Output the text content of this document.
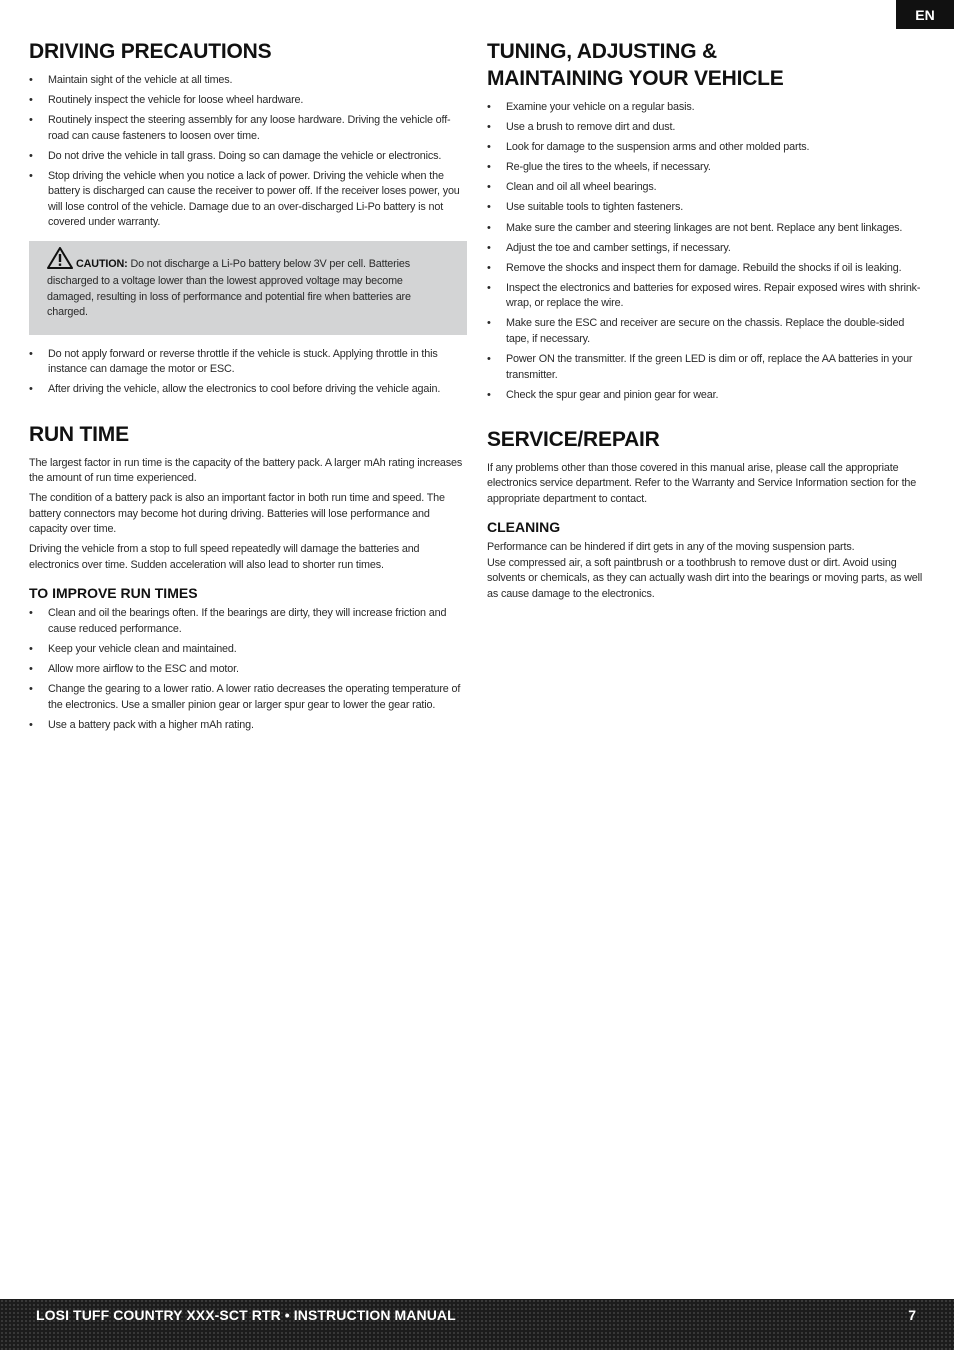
EN
DRIVING PRECAUTIONS
• Maintain sight of the vehicle at all times.
• Routinely inspect the vehicle for loose wheel hardware.
• Routinely inspect the steering assembly for any loose hardware. Driving the vehicle off-road can cause fasteners to loosen over time.
• Do not drive the vehicle in tall grass. Doing so can damage the vehicle or electronics.
• Stop driving the vehicle when you notice a lack of power. Driving the vehicle when the battery is discharged can cause the receiver to power off. If the receiver loses power, you will lose control of the vehicle. Damage due to an over-discharged Li-Po battery is not covered under warranty.
CAUTION: Do not discharge a Li-Po battery below 3V per cell. Batteries discharged to a voltage lower than the lowest approved voltage may become damaged, resulting in loss of performance and potential fire when batteries are charged.
• Do not apply forward or reverse throttle if the vehicle is stuck. Applying throttle in this instance can damage the motor or ESC.
• After driving the vehicle, allow the electronics to cool before driving the vehicle again.
RUN TIME

The largest factor in run time is the capacity of the battery pack. A larger mAh rating increases the amount of run time experienced.

The condition of a battery pack is also an important factor in both run time and speed. The battery connectors may become hot during driving. Batteries will lose performance and capacity over time.

Driving the vehicle from a stop to full speed repeatedly will damage the batteries and electronics over time. Sudden acceleration will also lead to shorter run times.

TO IMPROVE RUN TIMES
• Clean and oil the bearings often. If the bearings are dirty, they will increase friction and cause reduced performance.
• Keep your vehicle clean and maintained.
• Allow more airflow to the ESC and motor.
• Change the gearing to a lower ratio. A lower ratio decreases the operating temperature of the electronics. Use a smaller pinion gear or larger spur gear to lower the gear ratio.
• Use a battery pack with a higher mAh rating.
TUNING, ADJUSTING &
MAINTAINING YOUR VEHICLE
• Examine your vehicle on a regular basis.
• Use a brush to remove dirt and dust.
• Look for damage to the suspension arms and other molded parts.
• Re-glue the tires to the wheels, if necessary.
• Clean and oil all wheel bearings.
• Use suitable tools to tighten fasteners.
• Make sure the camber and steering linkages are not bent. Replace any bent linkages.
• Adjust the toe and camber settings, if necessary.
• Remove the shocks and inspect them for damage. Rebuild the shocks if oil is leaking.
• Inspect the electronics and batteries for exposed wires. Repair exposed wires with shrink-wrap, or replace the wire.
• Make sure the ESC and receiver are secure on the chassis. Replace the double-sided tape, if necessary.
• Power ON the transmitter. If the green LED is dim or off, replace the AA batteries in your transmitter.
• Check the spur gear and pinion gear for wear.
SERVICE/REPAIR

If any problems other than those covered in this manual arise, please call the appropriate electronics service department. Refer to the Warranty and Service Information section for the appropriate department to contact.

CLEANING

Performance can be hindered if dirt gets in any of the moving suspension parts.
Use compressed air, a soft paintbrush or a toothbrush to remove dust or dirt. Avoid using solvents or chemicals, as they can actually wash dirt into the bearings or moving parts, as well as cause damage to the electronics.

LOSI TUFF COUNTRY XXX-SCT RTR • INSTRUCTION MANUAL	7
